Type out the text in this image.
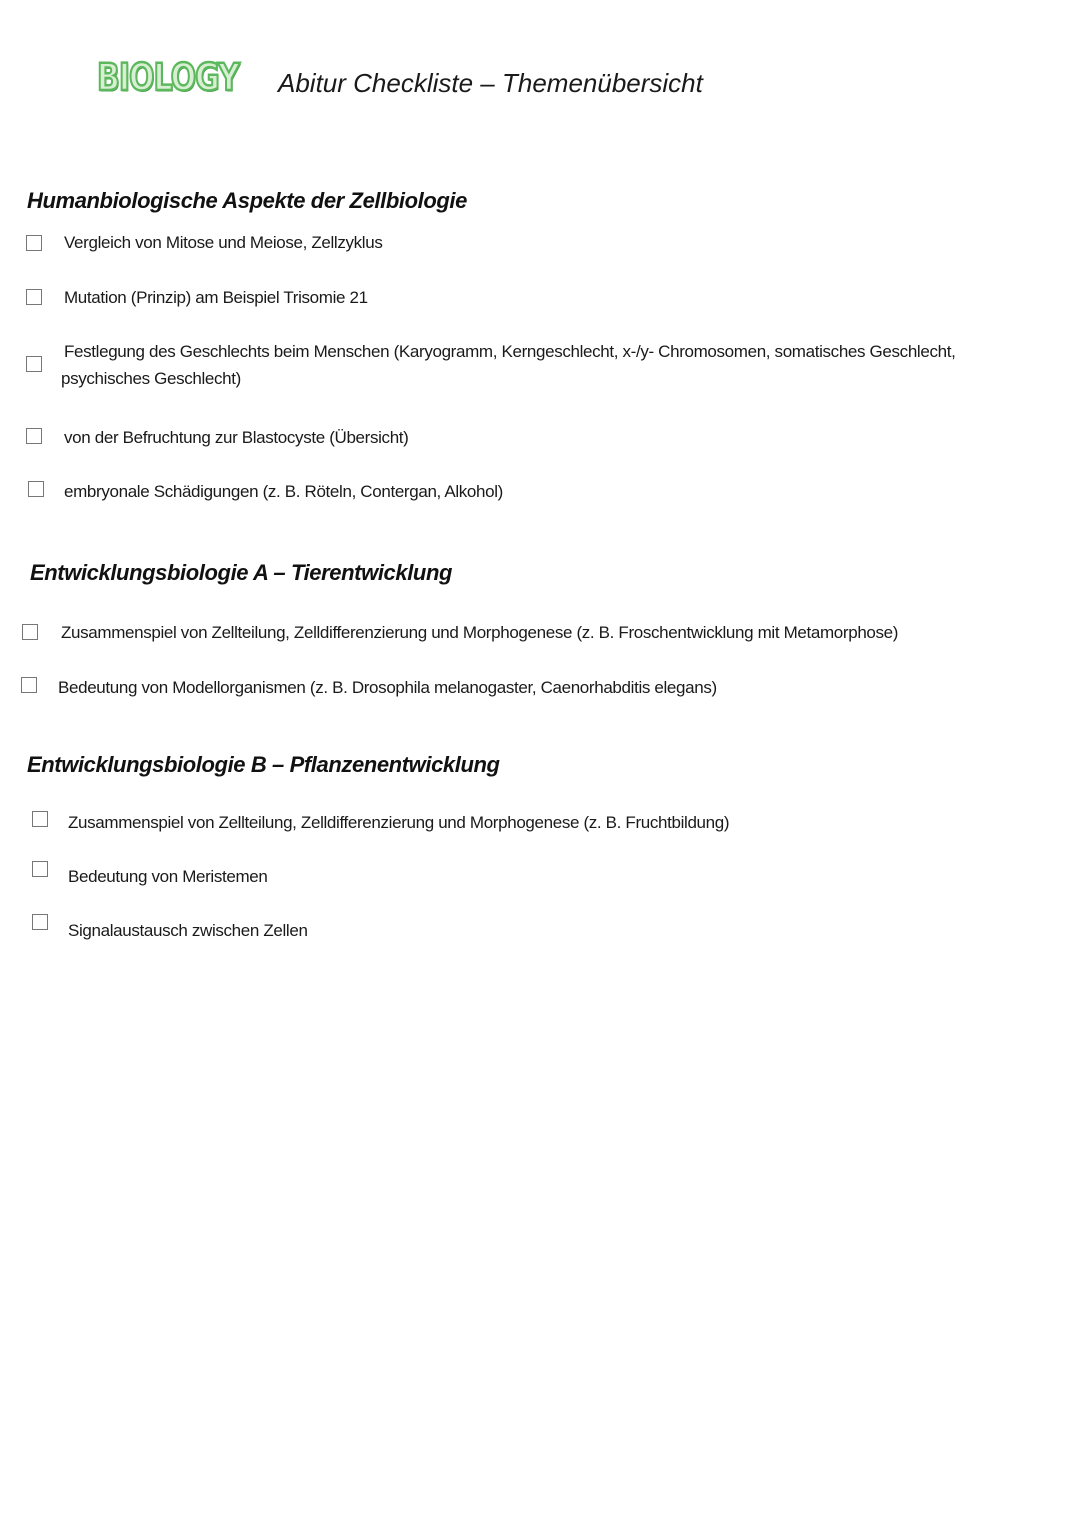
BIOLOGY Abitur Checkliste – Themenübersicht
Humanbiologische Aspekte der Zellbiologie
Vergleich von Mitose und Meiose, Zellzyklus
Mutation (Prinzip) am Beispiel Trisomie 21
Festlegung des Geschlechts beim Menschen (Karyogramm, Kerngeschlecht, x-/y- Chromosomen, somatisches Geschlecht,
psychisches Geschlecht)
von der Befruchtung zur Blastocyste (Übersicht)
embryonale Schädigungen (z. B. Röteln, Contergan, Alkohol)
Entwicklungsbiologie A – Tierentwicklung
Zusammenspiel von Zellteilung, Zelldifferenzierung und Morphogenese (z. B. Froschentwicklung mit Metamorphose)
Bedeutung von Modellorganismen (z. B. Drosophila melanogaster, Caenorhabditis elegans)
Entwicklungsbiologie B – Pflanzenentwicklung
Zusammenspiel von Zellteilung, Zelldifferenzierung und Morphogenese (z. B. Fruchtbildung)
Bedeutung von Meristemen
Signalaustausch zwischen Zellen
